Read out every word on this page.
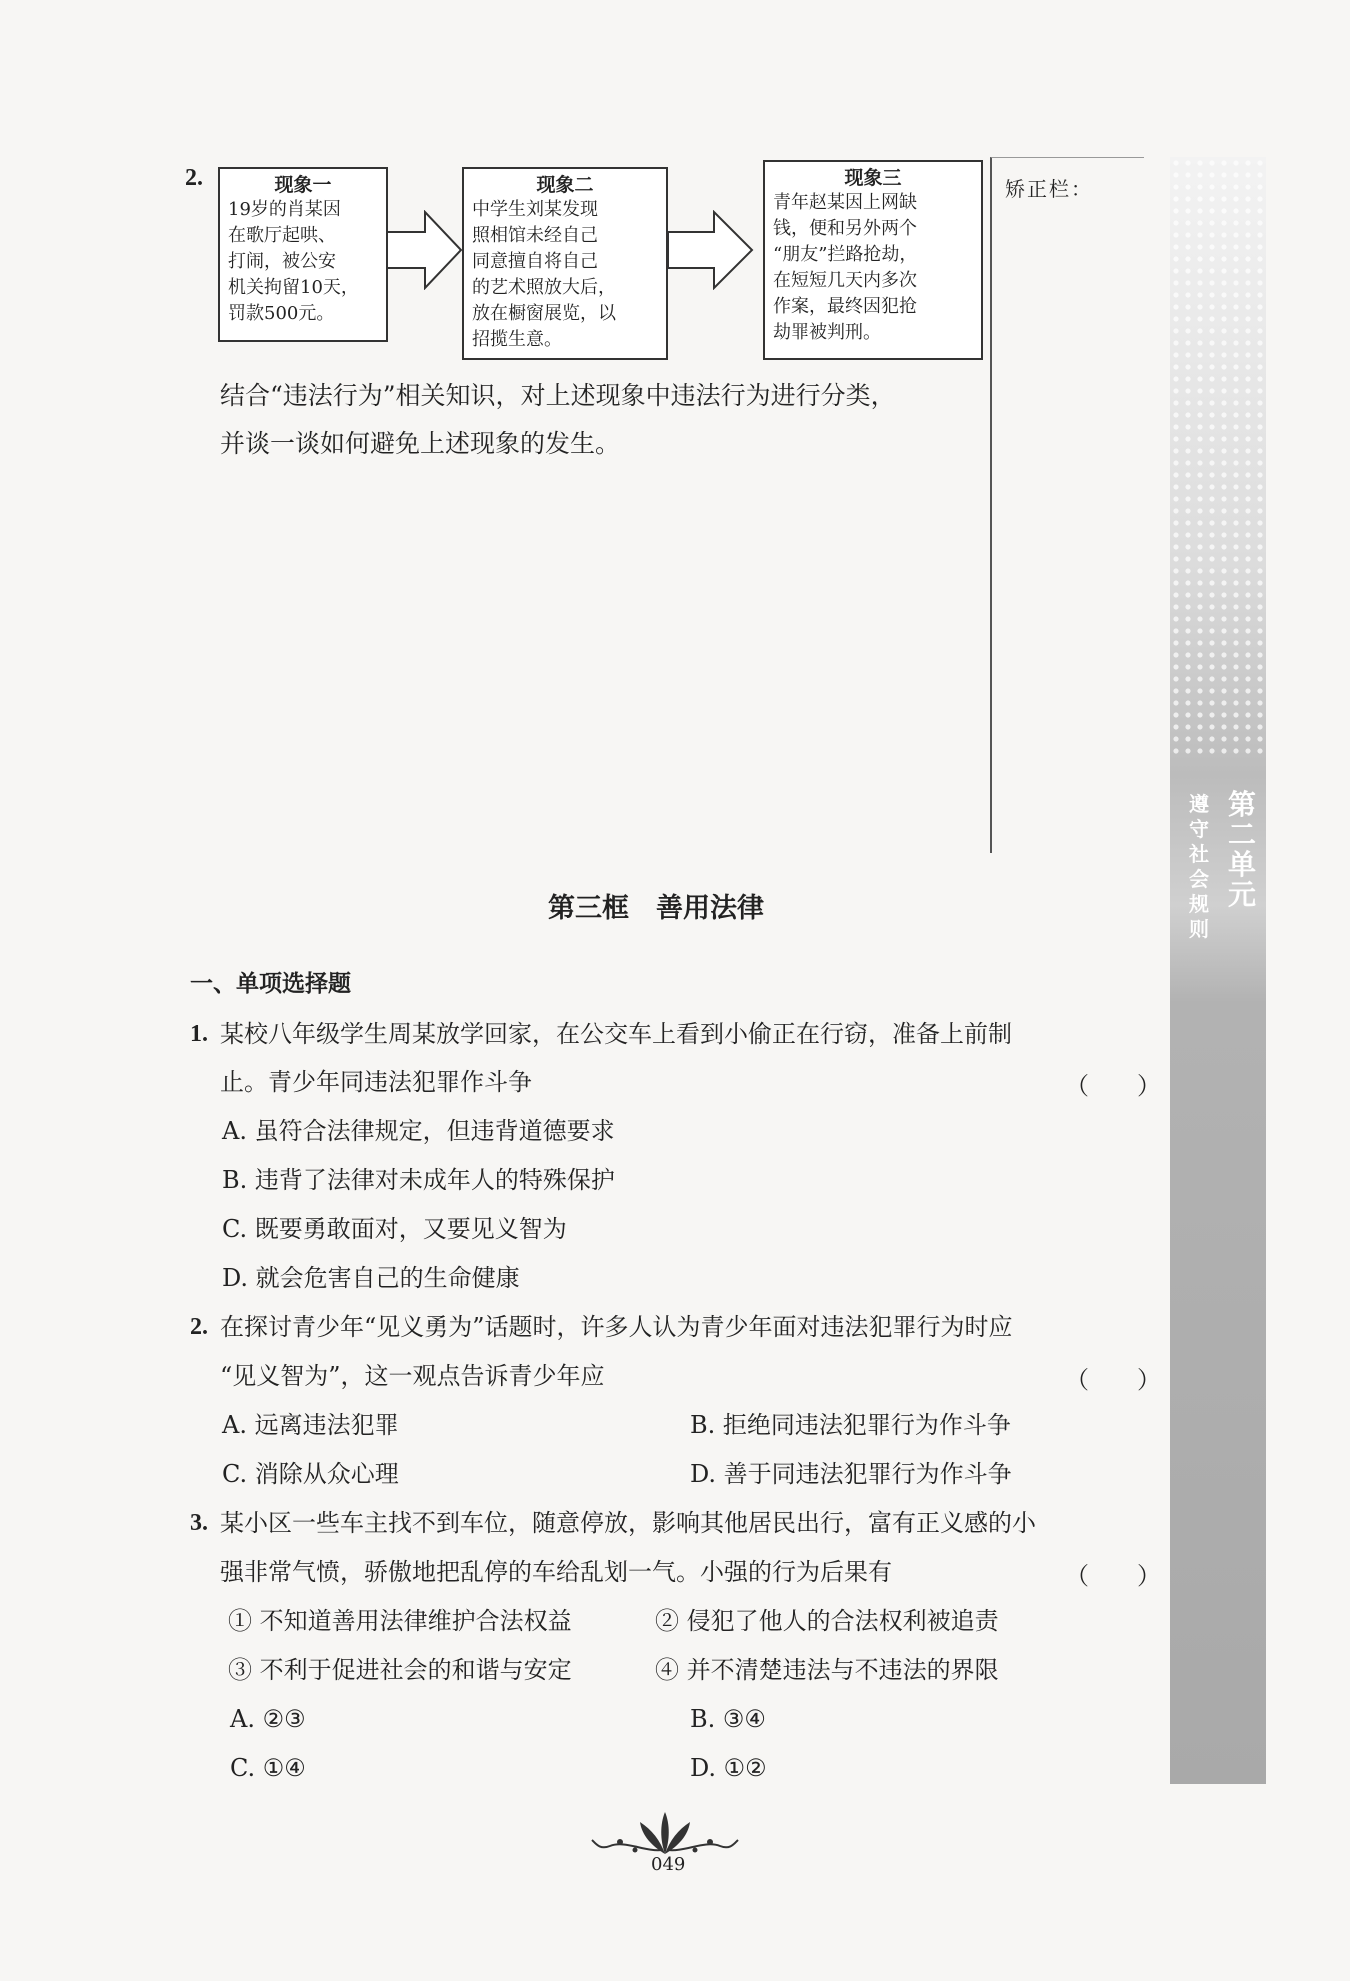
第二单元
遵守社会规则
矫正栏：
2.	现象一
19岁的肖某因
在歌厅起哄、
打闹，被公安
机关拘留10天，
罚款500元。
现象二
中学生刘某发现
照相馆未经自己
同意擅自将自己
的艺术照放大后，
放在橱窗展览，以
招揽生意。
现象三
青年赵某因上网缺
钱，便和另外两个
“朋友”拦路抢劫，
在短短几天内多次
作案，最终因犯抢
劫罪被判刑。
结合“违法行为”相关知识，对上述现象中违法行为进行分类，
并谈一谈如何避免上述现象的发生。
第三框　善用法律
一、单项选择题
1. 某校八年级学生周某放学回家，在公交车上看到小偷正在行窃，准备上前制
止。青少年同违法犯罪作斗争	（　　）
A. 虽符合法律规定，但违背道德要求
B. 违背了法律对未成年人的特殊保护
C. 既要勇敢面对，又要见义智为
D. 就会危害自己的生命健康
2. 在探讨青少年“见义勇为”话题时，许多人认为青少年面对违法犯罪行为时应
“见义智为”，这一观点告诉青少年应	（　　）
A. 远离违法犯罪	B. 拒绝同违法犯罪行为作斗争
C. 消除从众心理	D. 善于同违法犯罪行为作斗争
3. 某小区一些车主找不到车位，随意停放，影响其他居民出行，富有正义感的小
强非常气愤，骄傲地把乱停的车给乱划一气。小强的行为后果有	（　　）
① 不知道善用法律维护合法权益	② 侵犯了他人的合法权利被追责
③ 不利于促进社会的和谐与安定	④ 并不清楚违法与不违法的界限
A. ②③	B. ③④
C. ①④	D. ①②
049
